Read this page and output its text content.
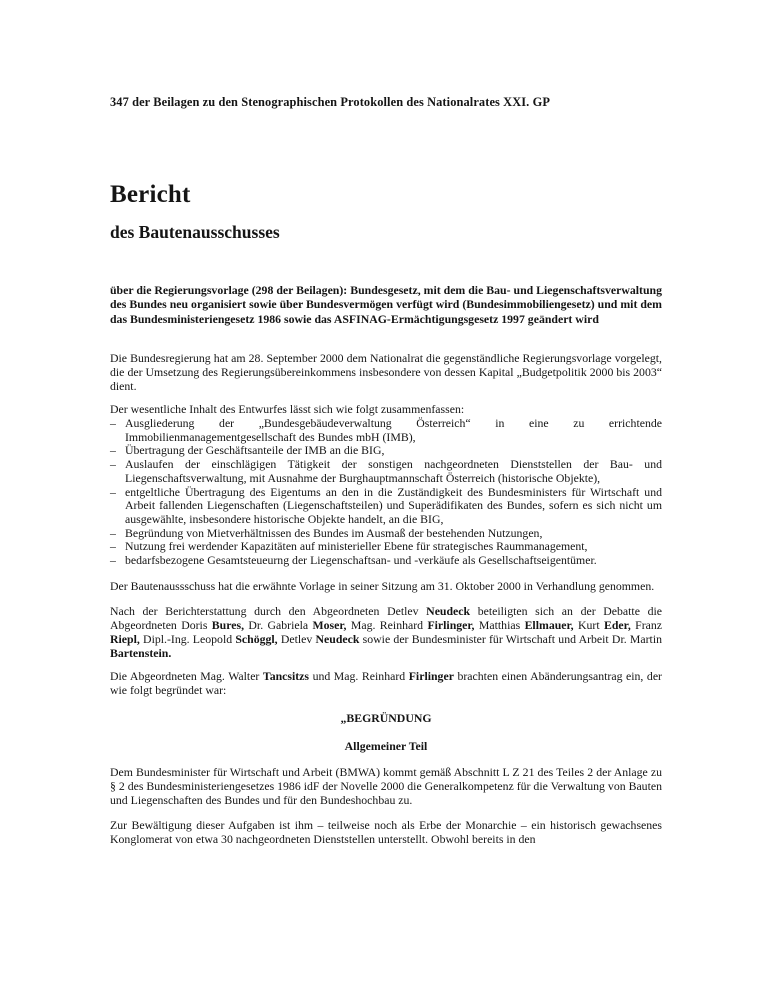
347 der Beilagen zu den Stenographischen Protokollen des Nationalrates XXI. GP

Bericht
des Bautenausschusses

über die Regierungsvorlage (298 der Beilagen): Bundesgesetz, mit dem die Bau- und Liegenschaftsverwaltung des Bundes neu organisiert sowie über Bundesvermögen verfügt wird (Bundesimmobiliengesetz) und mit dem das Bundesministeriengesetz 1986 sowie das ASFINAG-Ermächtigungsgesetz 1997 geändert wird

Die Bundesregierung hat am 28. September 2000 dem Nationalrat die gegenständliche Regierungsvorlage vorgelegt, die der Umsetzung des Regierungsübereinkommens insbesondere von dessen Kapital „Budgetpolitik 2000 bis 2003“ dient.

Der wesentliche Inhalt des Entwurfes lässt sich wie folgt zusammenfassen:

– Ausgliederung der „Bundesgebäudeverwaltung Österreich“ in eine zu errichtende Immobilienmanagementgesellschaft des Bundes mbH (IMB),
– Übertragung der Geschäftsanteile der IMB an die BIG,
– Auslaufen der einschlägigen Tätigkeit der sonstigen nachgeordneten Dienststellen der Bau- und Liegenschaftsverwaltung, mit Ausnahme der Burghauptmannschaft Österreich (historische Objekte),
– entgeltliche Übertragung des Eigentums an den in die Zuständigkeit des Bundesministers für Wirtschaft und Arbeit fallenden Liegenschaften (Liegenschaftsteilen) und Superädifikaten des Bundes, sofern es sich nicht um ausgewählte, insbesondere historische Objekte handelt, an die BIG,
– Begründung von Mietverhältnissen des Bundes im Ausmaß der bestehenden Nutzungen,
– Nutzung frei werdender Kapazitäten auf ministerieller Ebene für strategisches Raummanagement,
– bedarfsbezogene Gesamtsteueurng der Liegenschaftsan- und -verkäufe als Gesellschaftseigentümer.

Der Bautenaussschuss hat die erwähnte Vorlage in seiner Sitzung am 31. Oktober 2000 in Verhandlung genommen.

Nach der Berichterstattung durch den Abgeordneten Detlev Neudeck beteiligten sich an der Debatte die Abgeordneten Doris Bures, Dr. Gabriela Moser, Mag. Reinhard Firlinger, Matthias Ellmauer, Kurt Eder, Franz Riepl, Dipl.-Ing. Leopold Schöggl, Detlev Neudeck sowie der Bundesminister für Wirtschaft und Arbeit Dr. Martin Bartenstein.

Die Abgeordneten Mag. Walter Tancsitzs und Mag. Reinhard Firlinger brachten einen Abänderungsantrag ein, der wie folgt begründet war:

„BEGRÜNDUNG

Allgemeiner Teil

Dem Bundesminister für Wirtschaft und Arbeit (BMWA) kommt gemäß Abschnitt L Z 21 des Teiles 2 der Anlage zu § 2 des Bundesministeriengesetzes 1986 idF der Novelle 2000 die Generalkompetenz für die Verwaltung von Bauten und Liegenschaften des Bundes und für den Bundeshochbau zu.

Zur Bewältigung dieser Aufgaben ist ihm – teilweise noch als Erbe der Monarchie – ein historisch gewachsenes Konglomerat von etwa 30 nachgeordneten Dienststellen unterstellt. Obwohl bereits in den
